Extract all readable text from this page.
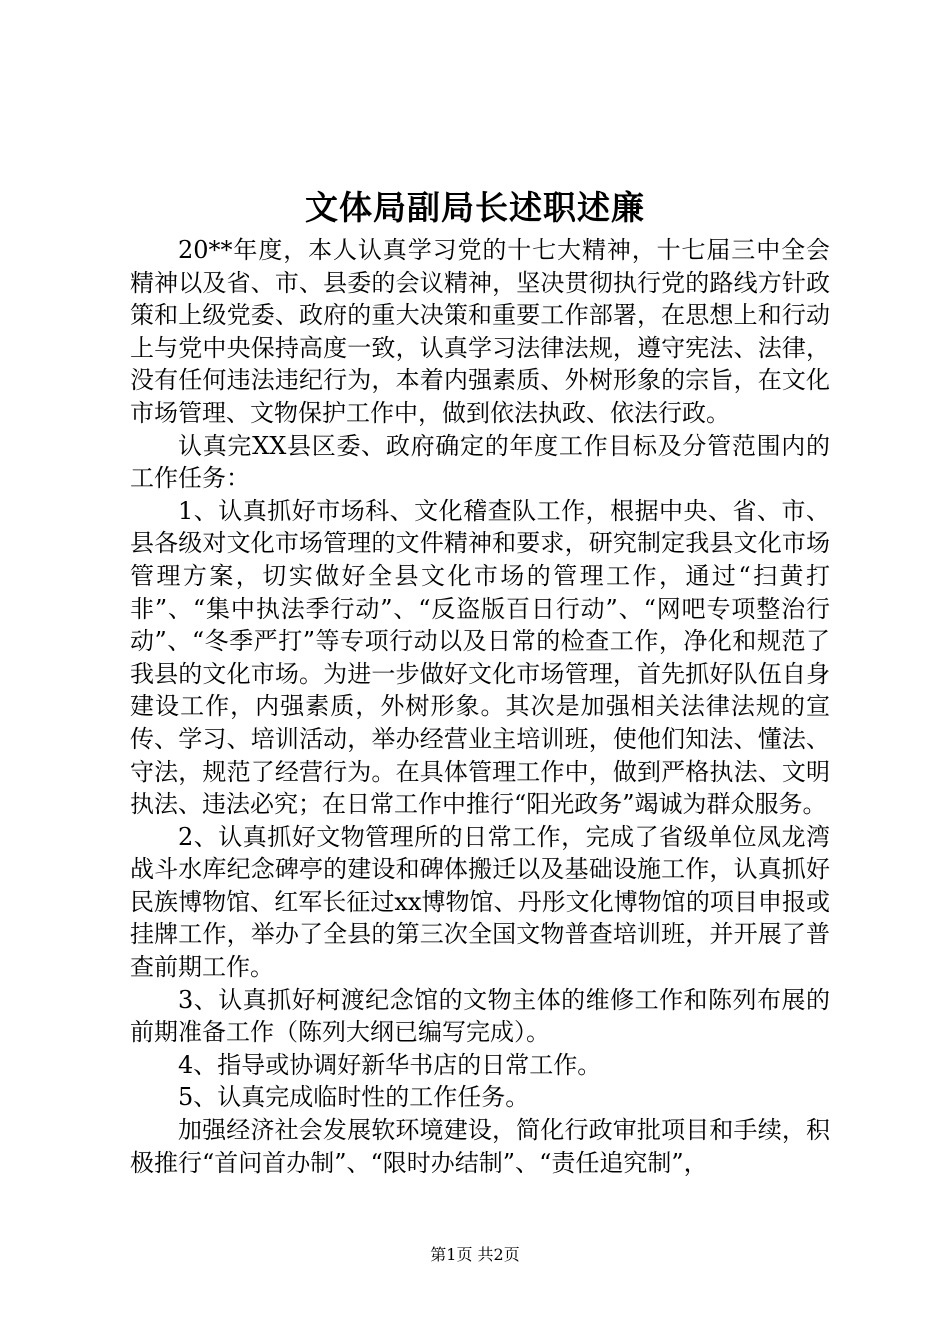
文体局副局长述职述廉

20**年度，本人认真学习党的十七大精神，十七届三中全会精神以及省、市、县委的会议精神，坚决贯彻执行党的路线方针政策和上级党委、政府的重大决策和重要工作部署，在思想上和行动上与党中央保持高度一致，认真学习法律法规，遵守宪法、法律，没有任何违法违纪行为，本着内强素质、外树形象的宗旨，在文化市场管理、文物保护工作中，做到依法执政、依法行政。

认真完XX县区委、政府确定的年度工作目标及分管范围内的工作任务：

1、认真抓好市场科、文化稽查队工作，根据中央、省、市、县各级对文化市场管理的文件精神和要求，研究制定我县文化市场管理方案，切实做好全县文化市场的管理工作，通过“扫黄打非”、“集中执法季行动”、“反盗版百日行动”、“网吧专项整治行动”、“冬季严打”等专项行动以及日常的检查工作，净化和规范了我县的文化市场。为进一步做好文化市场管理，首先抓好队伍自身建设工作，内强素质，外树形象。其次是加强相关法律法规的宣传、学习、培训活动，举办经营业主培训班，使他们知法、懂法、守法，规范了经营行为。在具体管理工作中，做到严格执法、文明执法、违法必究；在日常工作中推行“阳光政务”竭诚为群众服务。

2、认真抓好文物管理所的日常工作，完成了省级单位凤龙湾战斗水库纪念碑亭的建设和碑体搬迁以及基础设施工作，认真抓好民族博物馆、红军长征过xx博物馆、丹彤文化博物馆的项目申报或挂牌工作，举办了全县的第三次全国文物普查培训班，并开展了普查前期工作。

3、认真抓好柯渡纪念馆的文物主体的维修工作和陈列布展的前期准备工作（陈列大纲已编写完成）。

4、指导或协调好新华书店的日常工作。

5、认真完成临时性的工作任务。

加强经济社会发展软环境建设，简化行政审批项目和手续，积极推行“首问首办制”、“限时办结制”、“责任追究制”，

第1页 共2页
